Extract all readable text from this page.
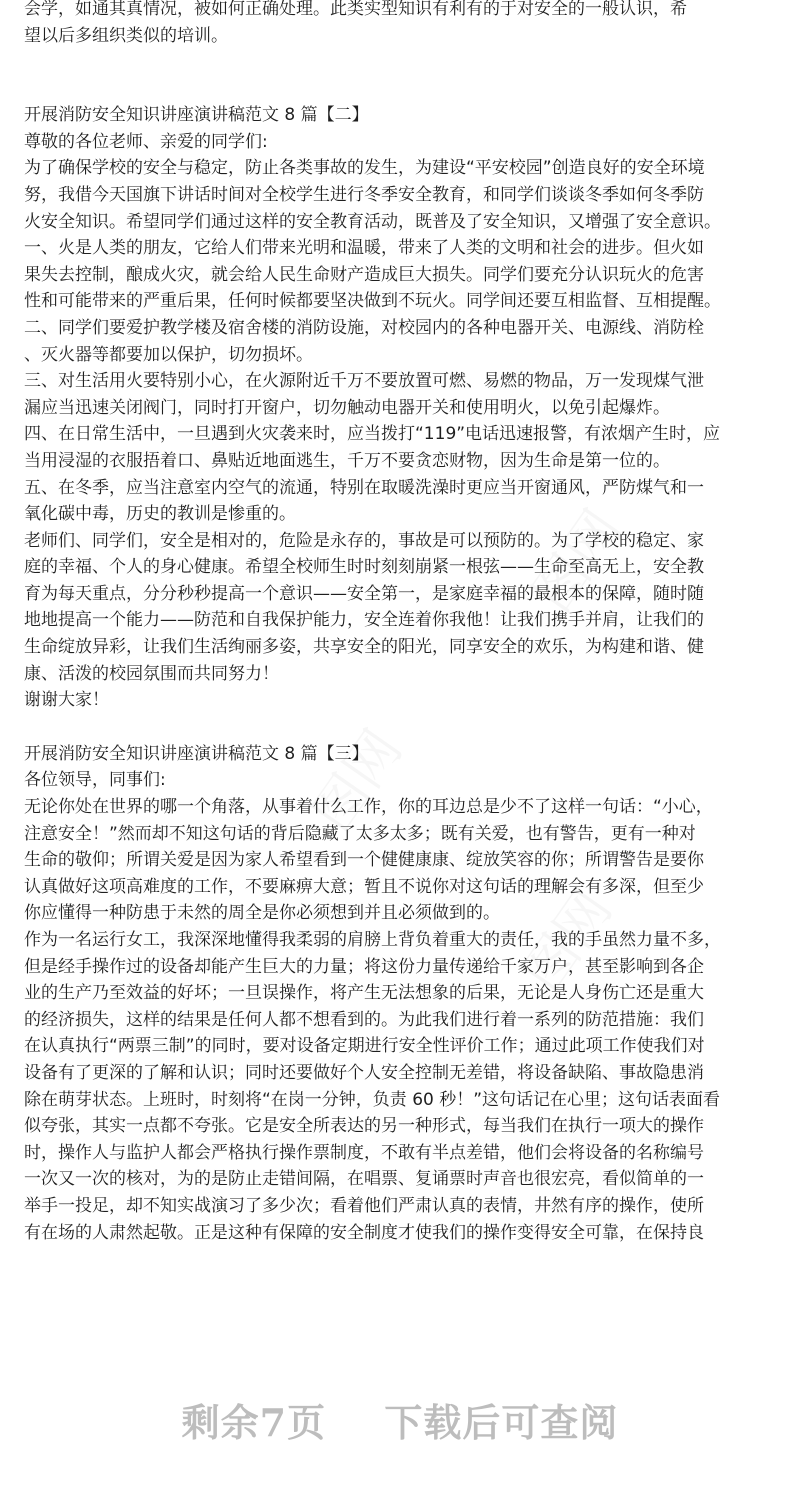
会学，如通其真情况，被如何正确处理。此类实型知识有利有的于对安全的一般认识，希

望以后多组织类似的培训。

开展消防安全知识讲座演讲稿范文 8 篇【二】

尊敬的各位老师、亲爱的同学们:

为了确保学校的安全与稳定，防止各类事故的发生，为建设“平安校园”创造良好的安全环境

努，我借今天国旗下讲话时间对全校学生进行冬季安全教育，和同学们谈谈冬季如何冬季防

火安全知识。希望同学们通过这样的安全教育活动，既普及了安全知识，又增强了安全意识。

一、火是人类的朋友，它给人们带来光明和温暖，带来了人类的文明和社会的进步。但火如

果失去控制，酿成火灾，就会给人民生命财产造成巨大损失。同学们要充分认识玩火的危害

性和可能带来的严重后果，任何时候都要坚决做到不玩火。同学间还要互相监督、互相提醒。

二、同学们要爱护教学楼及宿舍楼的消防设施，对校园内的各种电器开关、电源线、消防栓

、灭火器等都要加以保护，切勿损坏。

三、对生活用火要特别小心，在火源附近千万不要放置可燃、易燃的物品，万一发现煤气泄

漏应当迅速关闭阀门，同时打开窗户，切勿触动电器开关和使用明火，以免引起爆炸。

四、在日常生活中，一旦遇到火灾袭来时，应当拨打“119”电话迅速报警，有浓烟产生时，应

当用浸湿的衣服捂着口、鼻贴近地面逃生，千万不要贪恋财物，因为生命是第一位的。

五、在冬季，应当注意室内空气的流通，特别在取暖洗澡时更应当开窗通风，严防煤气和一

氧化碳中毒，历史的教训是惨重的。

老师们、同学们，安全是相对的，危险是永存的，事故是可以预防的。为了学校的稳定、家

庭的幸福、个人的身心健康。希望全校师生时时刻刻崩紧一根弦——生命至高无上，安全教

育为每天重点，分分秒秒提高一个意识——安全第一，是家庭幸福的最根本的保障，随时随

地地提高一个能力——防范和自我保护能力，安全连着你我他！让我们携手并肩，让我们的

生命绽放异彩，让我们生活绚丽多姿，共享安全的阳光，同享安全的欢乐，为构建和谐、健

康、活泼的校园氛围而共同努力！

谢谢大家！

开展消防安全知识讲座演讲稿范文 8 篇【三】

各位领导，同事们:

无论你处在世界的哪一个角落，从事着什么工作，你的耳边总是少不了这样一句话：“小心，

注意安全！”然而却不知这句话的背后隐藏了太多太多；既有关爱，也有警告，更有一种对

生命的敬仰；所谓关爱是因为家人希望看到一个健健康康、绽放笑容的你；所谓警告是要你

认真做好这项高难度的工作，不要麻痹大意；暂且不说你对这句话的理解会有多深，但至少

你应懂得一种防患于未然的周全是你必须想到并且必须做到的。

作为一名运行女工，我深深地懂得我柔弱的肩膀上背负着重大的责任，我的手虽然力量不多，

但是经手操作过的设备却能产生巨大的力量；将这份力量传递给千家万户，甚至影响到各企

业的生产乃至效益的好坏；一旦误操作，将产生无法想象的后果，无论是人身伤亡还是重大

的经济损失，这样的结果是任何人都不想看到的。为此我们进行着一系列的防范措施：我们

在认真执行“两票三制”的同时，要对设备定期进行安全性评价工作；通过此项工作使我们对

设备有了更深的了解和认识；同时还要做好个人安全控制无差错，将设备缺陷、事故隐患消

除在萌芽状态。上班时，时刻将“在岗一分钟，负责 60 秒！”这句话记在心里；这句话表面看

似夸张，其实一点都不夸张。它是安全所表达的另一种形式，每当我们在执行一项大的操作

时，操作人与监护人都会严格执行操作票制度，不敢有半点差错，他们会将设备的名称编号

一次又一次的核对，为的是防止走错间隔，在唱票、复诵票时声音也很宏亮，看似简单的一

举手一投足，却不知实战演习了多少次；看着他们严肃认真的表情，井然有序的操作，使所

有在场的人肃然起敬。正是这种有保障的安全制度才使我们的操作变得安全可靠，在保持良

剩余7页 下载后可查阅
